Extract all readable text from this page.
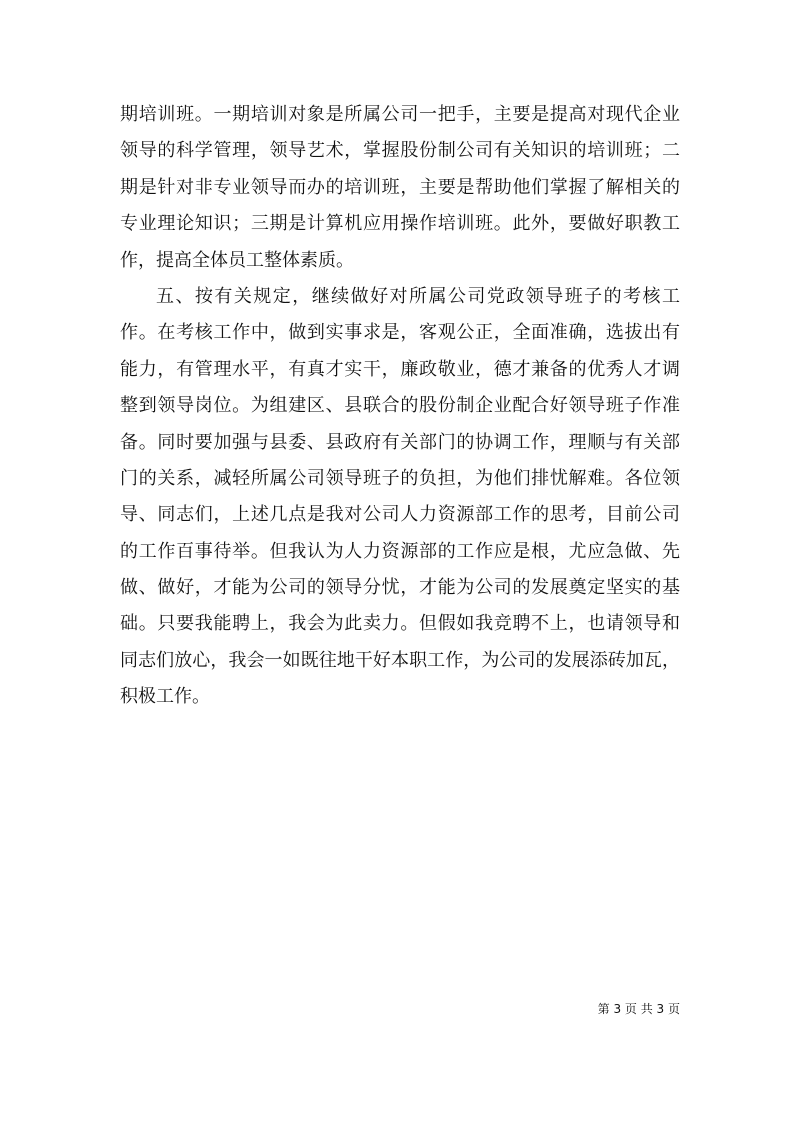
期培训班。一期培训对象是所属公司一把手，主要是提高对现代企业
领导的科学管理，领导艺术，掌握股份制公司有关知识的培训班；二
期是针对非专业领导而办的培训班，主要是帮助他们掌握了解相关的
专业理论知识；三期是计算机应用操作培训班。此外，要做好职教工
作，提高全体员工整体素质。
五、按有关规定，继续做好对所属公司党政领导班子的考核工
作。在考核工作中，做到实事求是，客观公正，全面准确，选拔出有
能力，有管理水平，有真才实干，廉政敬业，德才兼备的优秀人才调
整到领导岗位。为组建区、县联合的股份制企业配合好领导班子作准
备。同时要加强与县委、县政府有关部门的协调工作，理顺与有关部
门的关系，减轻所属公司领导班子的负担，为他们排忧解难。各位领
导、同志们，上述几点是我对公司人力资源部工作的思考，目前公司
的工作百事待举。但我认为人力资源部的工作应是根，尤应急做、先
做、做好，才能为公司的领导分忧，才能为公司的发展奠定坚实的基
础。只要我能聘上，我会为此卖力。但假如我竞聘不上，也请领导和
同志们放心，我会一如既往地干好本职工作，为公司的发展添砖加瓦，
积极工作。
第 3 页 共 3 页
